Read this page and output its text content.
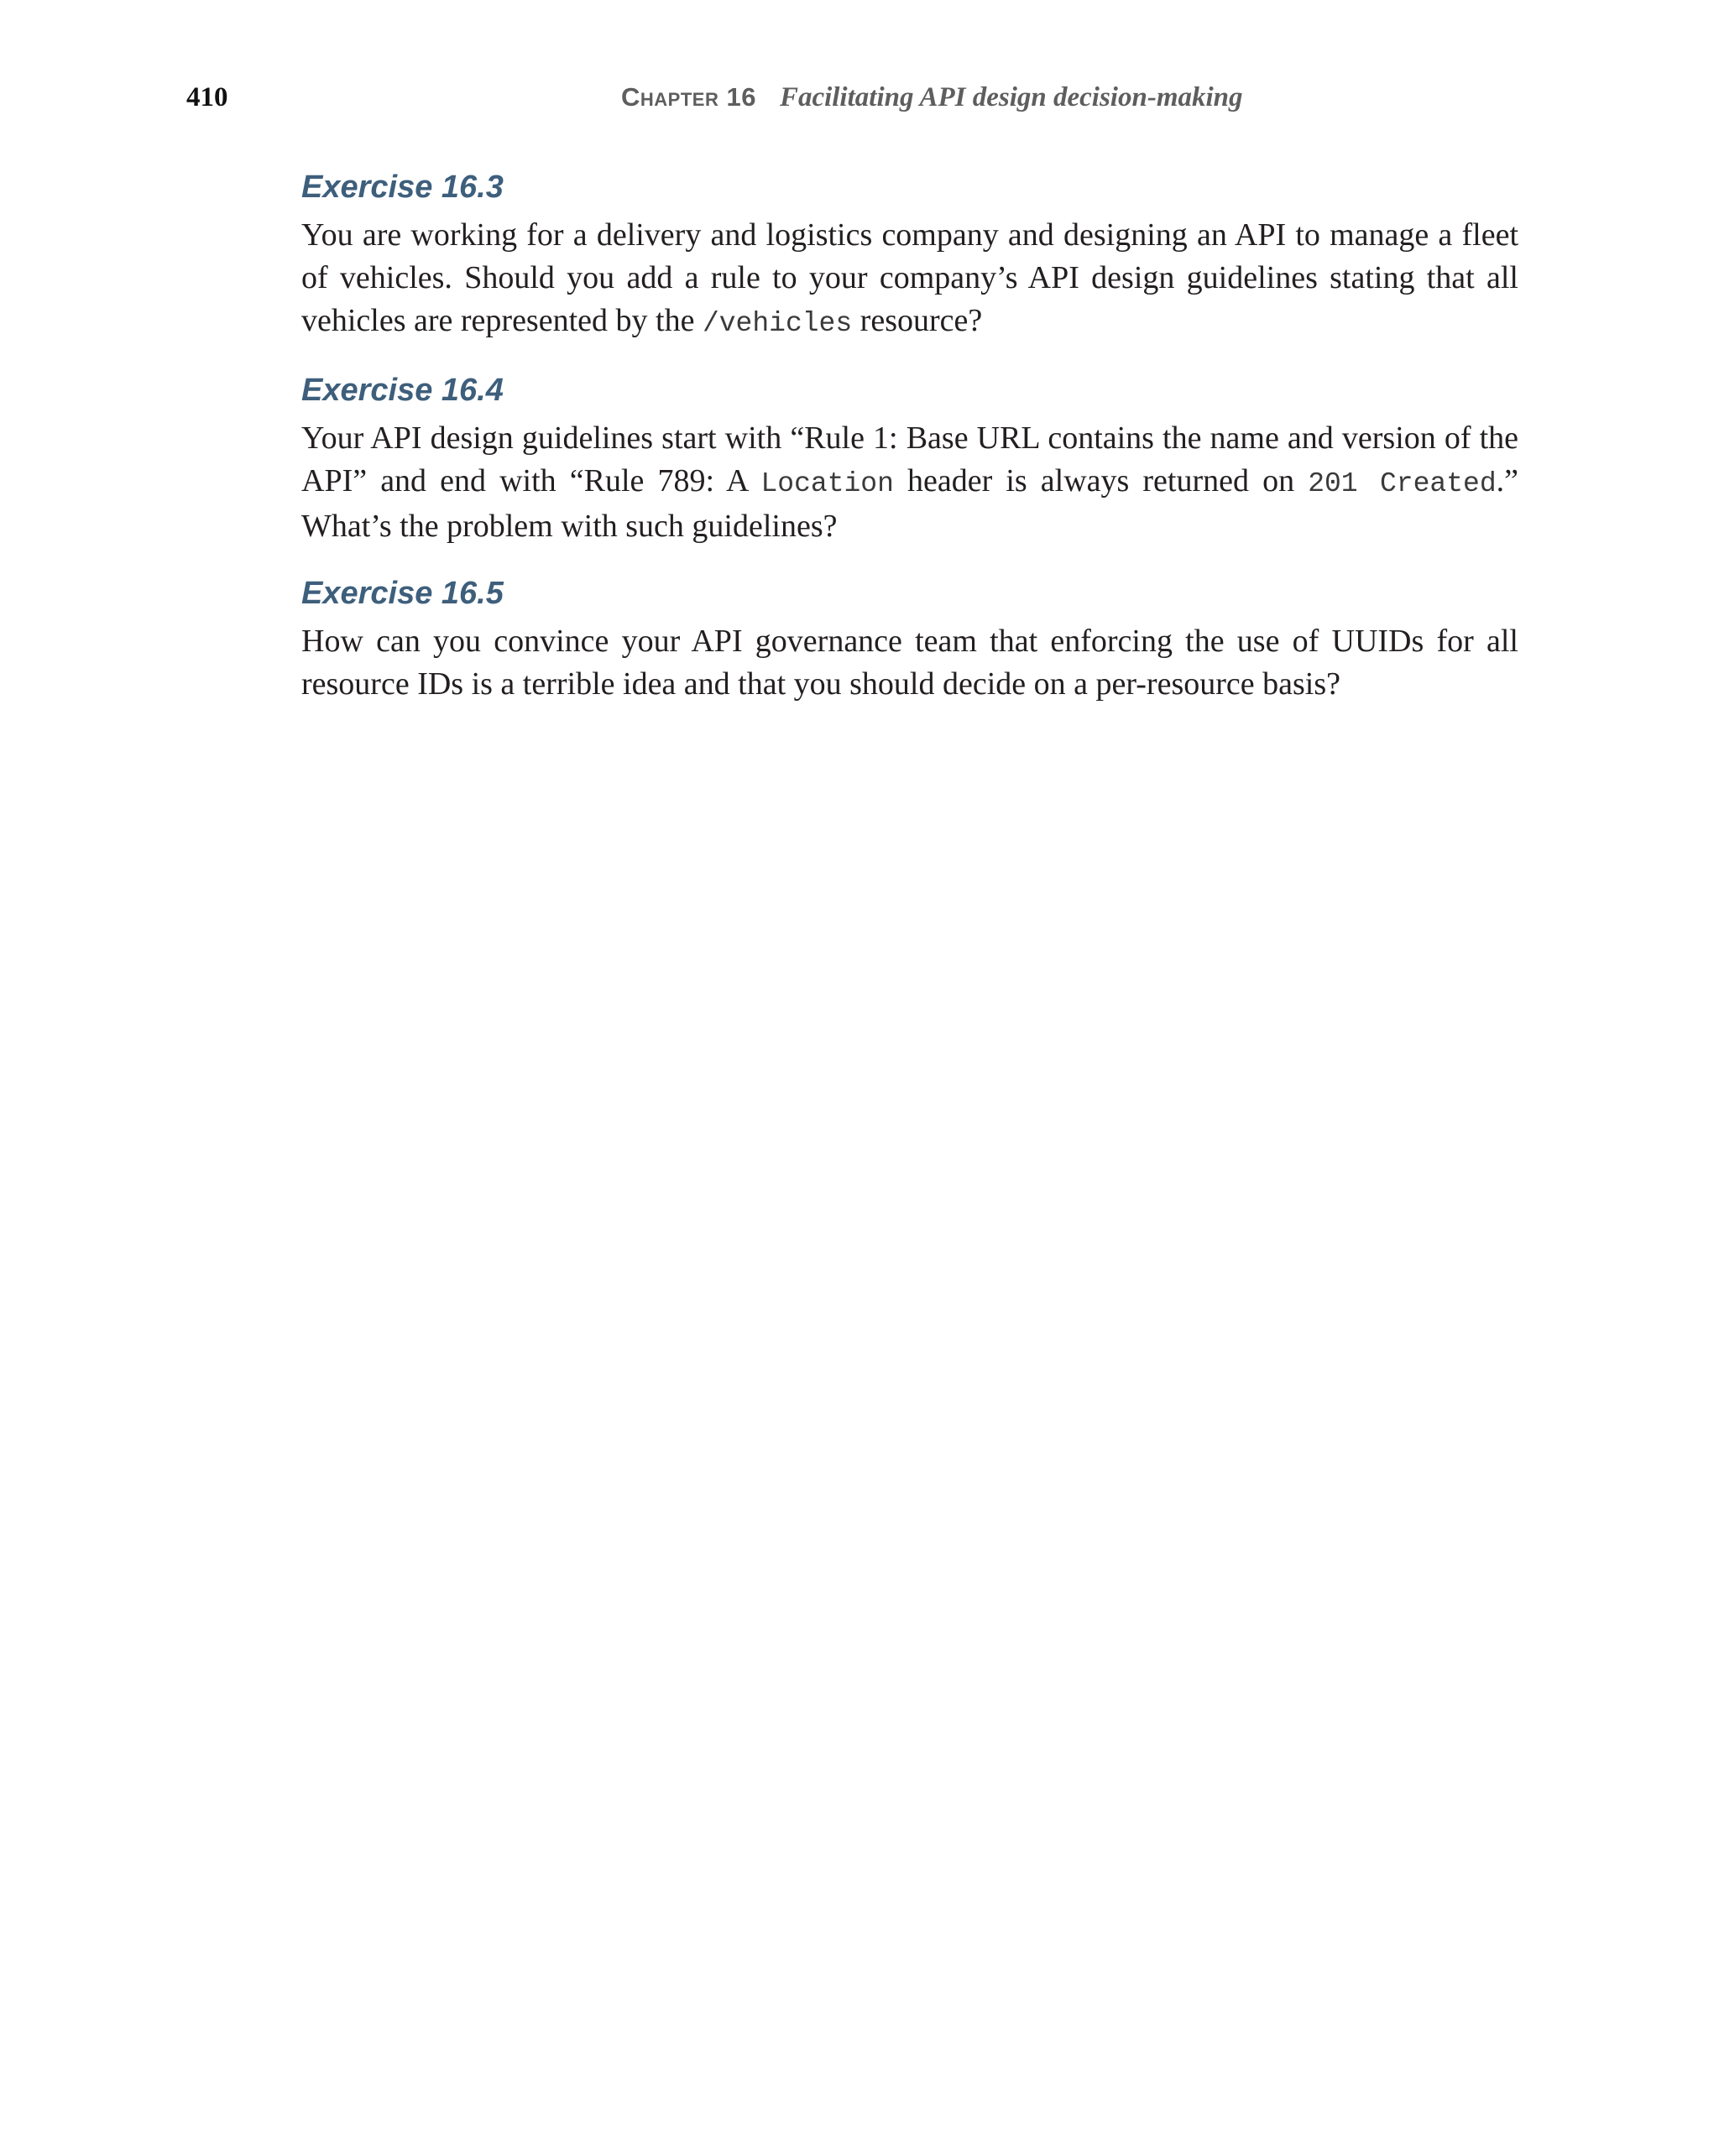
410	Chapter 16 Facilitating API design decision-making
Exercise 16.3

You are working for a delivery and logistics company and designing an API to manage a fleet of vehicles. Should you add a rule to your company’s API design guidelines stating that all vehicles are represented by the /vehicles resource?

Exercise 16.4

Your API design guidelines start with “Rule 1: Base URL contains the name and version of the API” and end with “Rule 789: A Location header is always returned on 201 Created.” What’s the problem with such guidelines?

Exercise 16.5

How can you convince your API governance team that enforcing the use of UUIDs for all resource IDs is a terrible idea and that you should decide on a per-resource basis?
